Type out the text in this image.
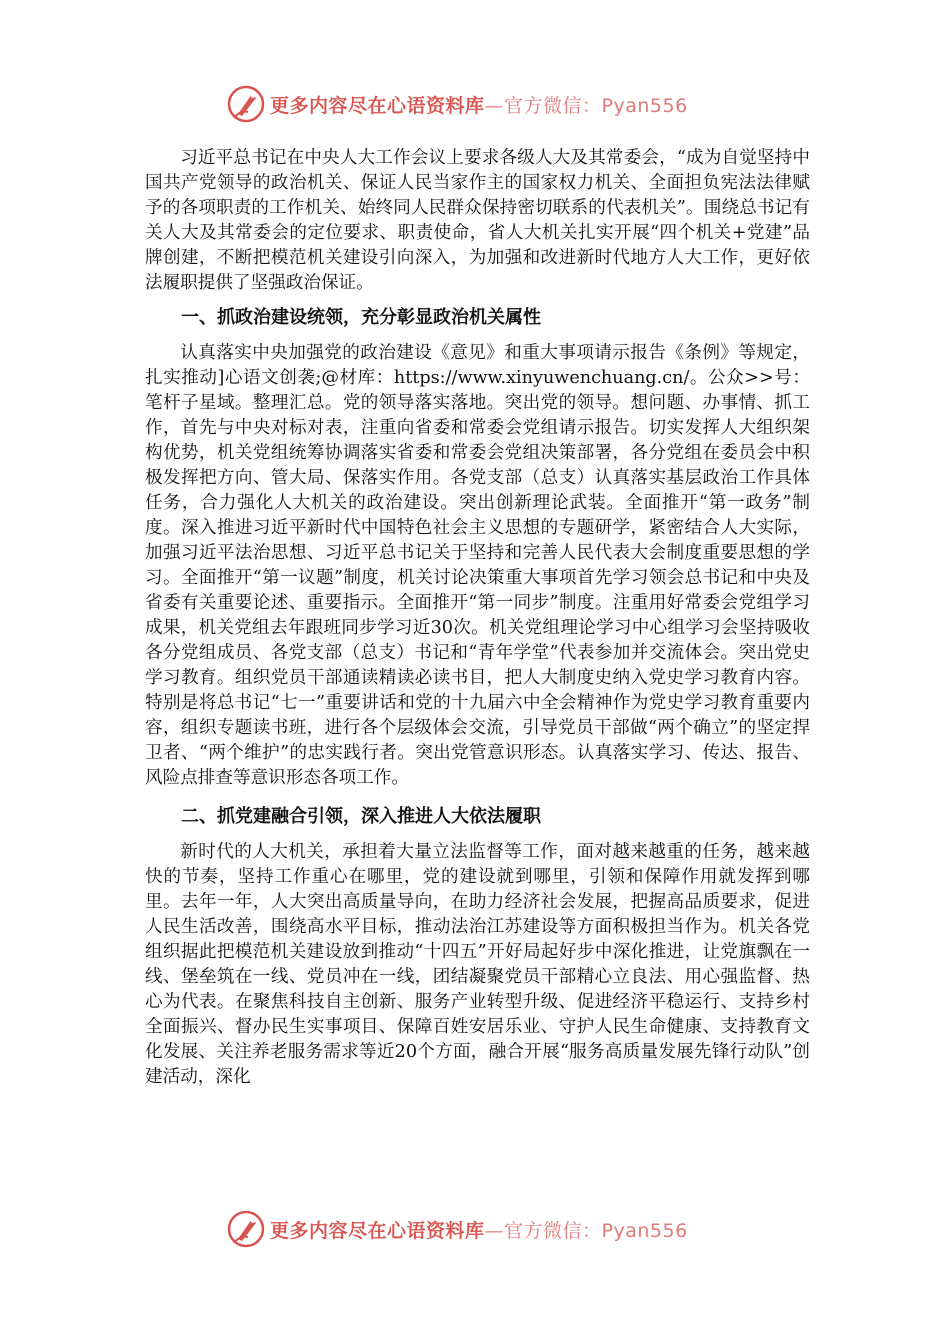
更多内容尽在心语资料库—官方微信：Pyan556

习近平总书记在中央人大工作会议上要求各级人大及其常委会，“成为自觉坚持中国共产党领导的政治机关、保证人民当家作主的国家权力机关、全面担负宪法法律赋予的各项职责的工作机关、始终同人民群众保持密切联系的代表机关”。围绕总书记有关人大及其常委会的定位要求、职责使命，省人大机关扎实开展“四个机关+党建”品牌创建，不断把模范机关建设引向深入，为加强和改进新时代地方人大工作，更好依法履职提供了坚强政治保证。

一、抓政治建设统领，充分彰显政治机关属性

认真落实中央加强党的政治建设《意见》和重大事项请示报告《条例》等规定，扎实推动]心语文创袭;@材库：https://www.xinyuwenchuang.cn/。公众>>号：笔杆子星域。整理汇总。党的领导落实落地。突出党的领导。想问题、办事情、抓工作，首先与中央对标对表，注重向省委和常委会党组请示报告。切实发挥人大组织架构优势，机关党组统筹协调落实省委和常委会党组决策部署，各分党组在委员会中积极发挥把方向、管大局、保落实作用。各党支部（总支）认真落实基层政治工作具体任务，合力强化人大机关的政治建设。突出创新理论武装。全面推开“第一政务”制度。深入推进习近平新时代中国特色社会主义思想的专题研学，紧密结合人大实际，加强习近平法治思想、习近平总书记关于坚持和完善人民代表大会制度重要思想的学习。全面推开“第一议题”制度，机关讨论决策重大事项首先学习领会总书记和中央及省委有关重要论述、重要指示。全面推开“第一同步”制度。注重用好常委会党组学习成果，机关党组去年跟班同步学习近30次。机关党组理论学习中心组学习会坚持吸收各分党组成员、各党支部（总支）书记和“青年学堂”代表参加并交流体会。突出党史学习教育。组织党员干部通读精读必读书目，把人大制度史纳入党史学习教育内容。特别是将总书记“七一”重要讲话和党的十九届六中全会精神作为党史学习教育重要内容，组织专题读书班，进行各个层级体会交流，引导党员干部做“两个确立”的坚定捍卫者、“两个维护”的忠实践行者。突出党管意识形态。认真落实学习、传达、报告、风险点排查等意识形态各项工作。

二、抓党建融合引领，深入推进人大依法履职

新时代的人大机关，承担着大量立法监督等工作，面对越来越重的任务，越来越快的节奏，坚持工作重心在哪里，党的建设就到哪里，引领和保障作用就发挥到哪里。去年一年，人大突出高质量导向，在助力经济社会发展，把握高品质要求，促进人民生活改善，围绕高水平目标，推动法治江苏建设等方面积极担当作为。机关各党组织据此把模范机关建设放到推动“十四五”开好局起好步中深化推进，让党旗飘在一线、堡垒筑在一线、党员冲在一线，团结凝聚党员干部精心立良法、用心强监督、热心为代表。在聚焦科技自主创新、服务产业转型升级、促进经济平稳运行、支持乡村全面振兴、督办民生实事项目、保障百姓安居乐业、守护人民生命健康、支持教育文化发展、关注养老服务需求等近20个方面，融合开展“服务高质量发展先锋行动队”创建活动，深化

更多内容尽在心语资料库—官方微信：Pyan556
